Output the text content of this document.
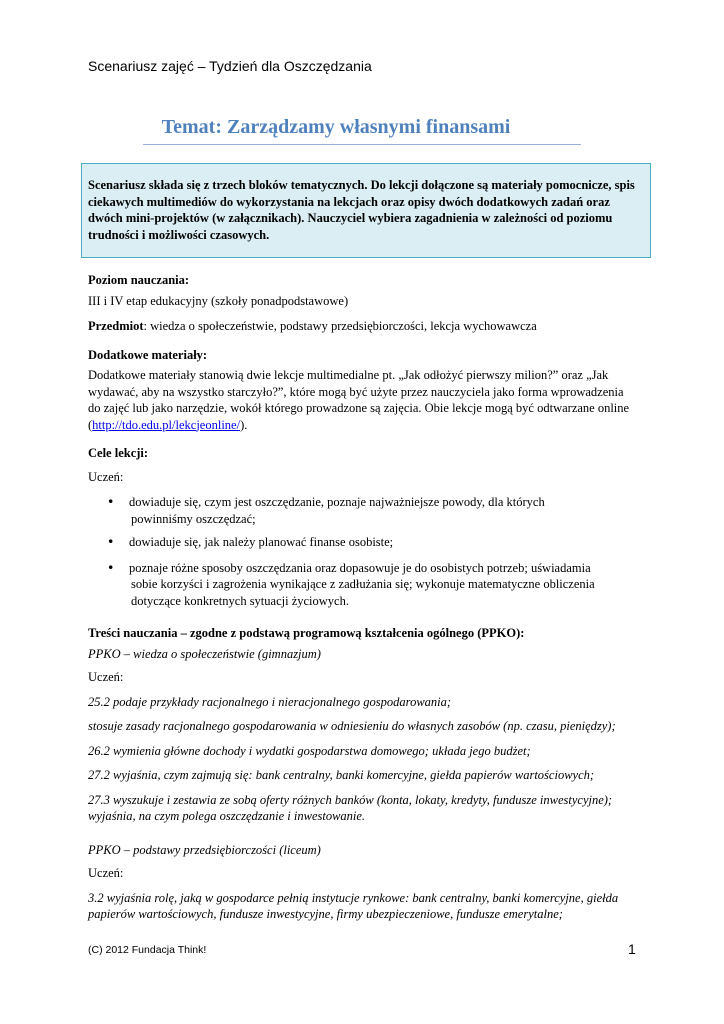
Scenariusz zajęć – Tydzień dla Oszczędzania
Temat: Zarządzamy własnymi finansami
Scenariusz składa się z trzech bloków tematycznych. Do lekcji dołączone są materiały pomocnicze, spis ciekawych multimediów do wykorzystania na lekcjach oraz opisy dwóch dodatkowych zadań oraz dwóch mini-projektów (w załącznikach). Nauczyciel wybiera zagadnienia w zależności od poziomu trudności i możliwości czasowych.

Poziom nauczania:

III i IV etap edukacyjny (szkoły ponadpodstawowe)

Przedmiot: wiedza o społeczeństwie, podstawy przedsiębiorczości, lekcja wychowawcza

Dodatkowe materiały:

Dodatkowe materiały stanowią dwie lekcje multimedialne pt. „Jak odłożyć pierwszy milion?” oraz „Jak wydawać, aby na wszystko starczyło?”, które mogą być użyte przez nauczyciela jako forma wprowadzenia do zajęć lub jako narzędzie, wokół którego prowadzone są zajęcia. Obie lekcje mogą być odtwarzane online (http://tdo.edu.pl/lekcjeonline/).

Cele lekcji:

Uczeń:

• dowiaduje się, czym jest oszczędzanie, poznaje najważniejsze powody, dla których
powinniśmy oszczędzać;
• dowiaduje się, jak należy planować finanse osobiste;
• poznaje różne sposoby oszczędzania oraz dopasowuje je do osobistych potrzeb; uświadamia
sobie korzyści i zagrożenia wynikające z zadłużania się; wykonuje matematyczne obliczenia dotyczące konkretnych sytuacji życiowych.

Treści nauczania – zgodne z podstawą programową kształcenia ogólnego (PPKO):

PPKO – wiedza o społeczeństwie (gimnazjum)

Uczeń:

25.2 podaje przykłady racjonalnego i nieracjonalnego gospodarowania;

stosuje zasady racjonalnego gospodarowania w odniesieniu do własnych zasobów (np. czasu, pieniędzy);

26.2 wymienia główne dochody i wydatki gospodarstwa domowego; układa jego budżet;

27.2 wyjaśnia, czym zajmują się: bank centralny, banki komercyjne, giełda papierów wartościowych;

27.3 wyszukuje i zestawia ze sobą oferty różnych banków (konta, lokaty, kredyty, fundusze inwestycyjne); wyjaśnia, na czym polega oszczędzanie i inwestowanie.

PPKO – podstawy przedsiębiorczości (liceum)

Uczeń:

3.2 wyjaśnia rolę, jaką w gospodarce pełnią instytucje rynkowe: bank centralny, banki komercyjne, giełda papierów wartościowych, fundusze inwestycyjne, firmy ubezpieczeniowe, fundusze emerytalne;

(C) 2012 Fundacja Think!	1
